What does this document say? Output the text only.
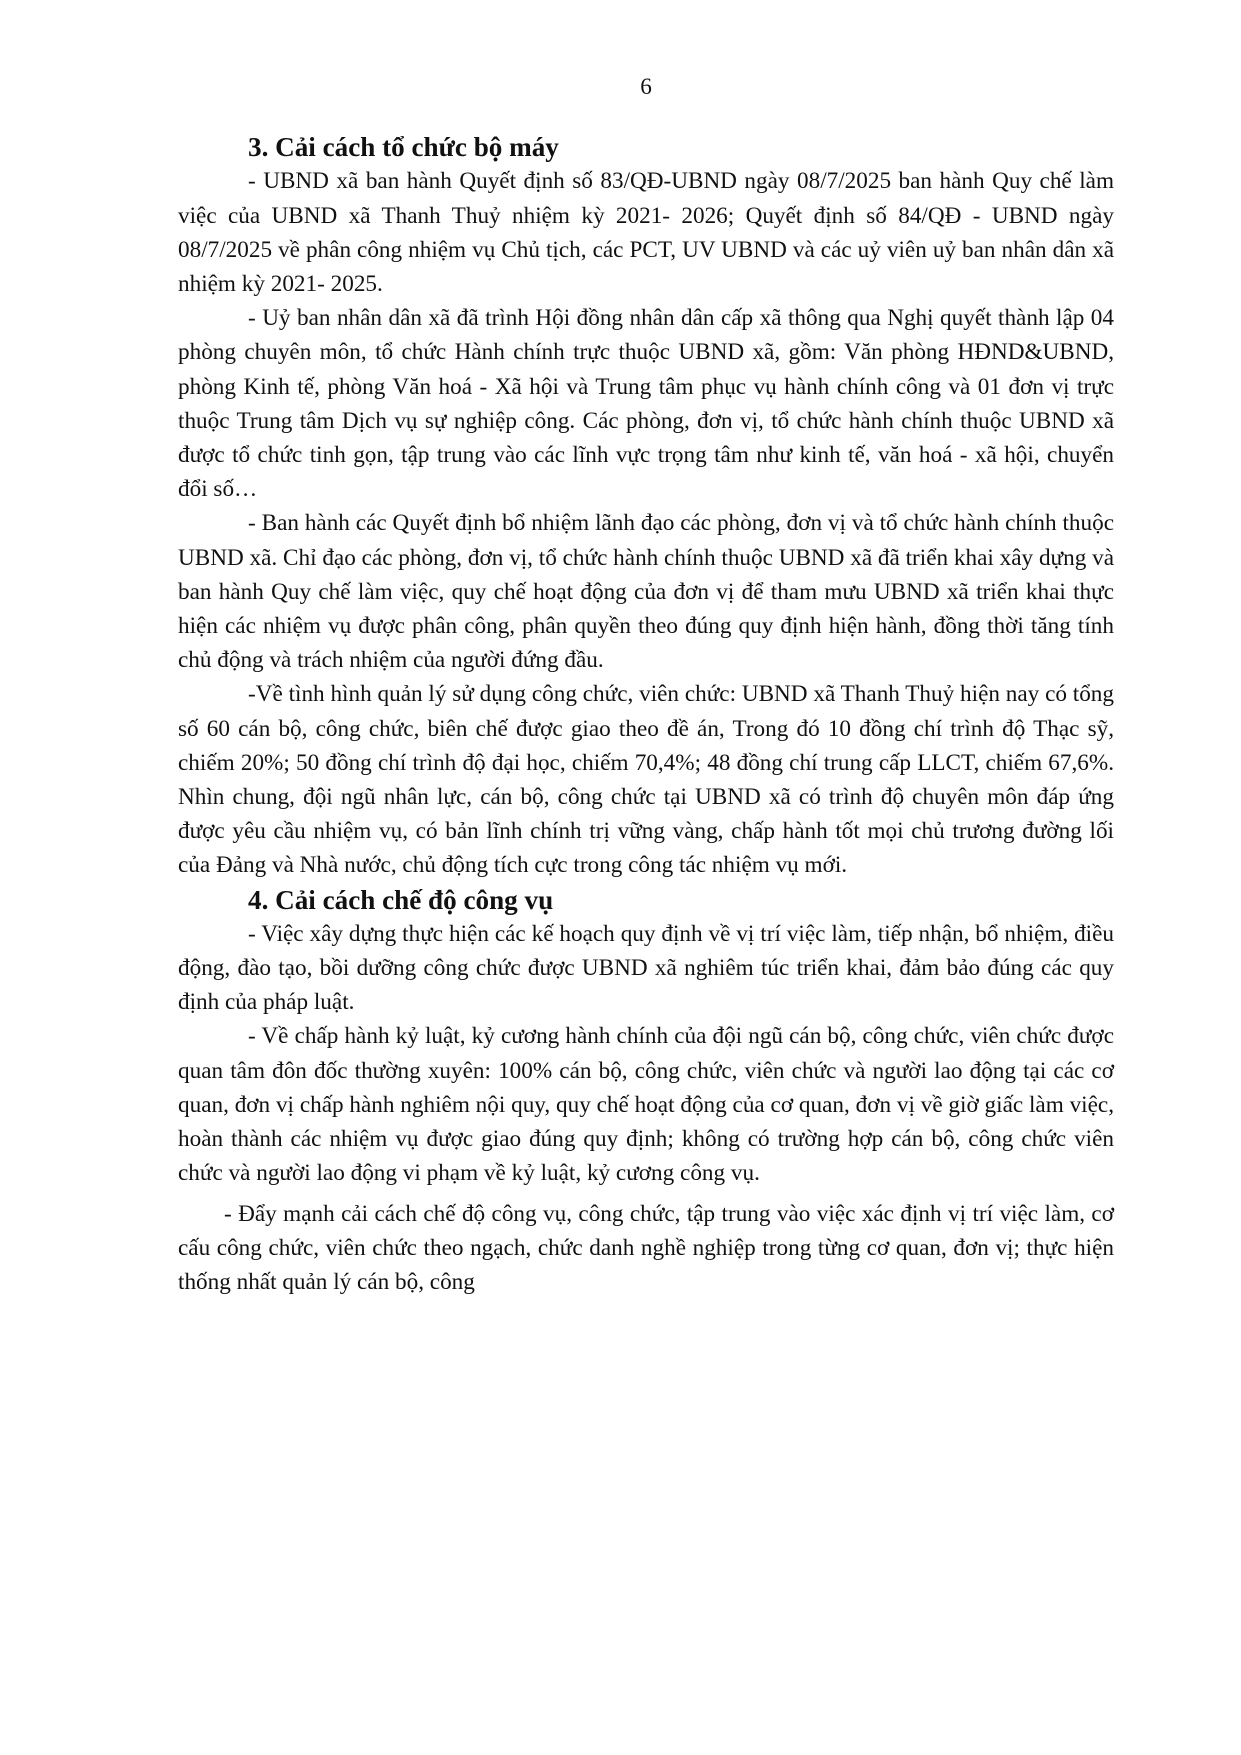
6
3. Cải cách tổ chức bộ máy

- UBND xã ban hành Quyết định số 83/QĐ-UBND ngày 08/7/2025 ban hành Quy chế làm việc của UBND xã Thanh Thuỷ nhiệm kỳ 2021- 2026; Quyết định số 84/QĐ - UBND ngày 08/7/2025 về phân công nhiệm vụ Chủ tịch, các PCT, UV UBND và các uỷ viên uỷ ban nhân dân xã nhiệm kỳ 2021- 2025.

- Uỷ ban nhân dân xã đã trình Hội đồng nhân dân cấp xã thông qua Nghị quyết thành lập 04 phòng chuyên môn, tổ chức Hành chính trực thuộc UBND xã, gồm: Văn phòng HĐND&UBND, phòng Kinh tế, phòng Văn hoá - Xã hội và Trung tâm phục vụ hành chính công và 01 đơn vị trực thuộc Trung tâm Dịch vụ sự nghiệp công. Các phòng, đơn vị, tổ chức hành chính thuộc UBND xã được tổ chức tinh gọn, tập trung vào các lĩnh vực trọng tâm như kinh tế, văn hoá - xã hội, chuyển đổi số…

- Ban hành các Quyết định bổ nhiệm lãnh đạo các phòng, đơn vị và tổ chức hành chính thuộc UBND xã. Chỉ đạo các phòng, đơn vị, tổ chức hành chính thuộc UBND xã đã triển khai xây dựng và ban hành Quy chế làm việc, quy chế hoạt động của đơn vị để tham mưu UBND xã triển khai thực hiện các nhiệm vụ được phân công, phân quyền theo đúng quy định hiện hành, đồng thời tăng tính chủ động và trách nhiệm của người đứng đầu.

-Về tình hình quản lý sử dụng công chức, viên chức: UBND xã Thanh Thuỷ hiện nay có tổng số 60 cán bộ, công chức, biên chế được giao theo đề án, Trong đó 10 đồng chí trình độ Thạc sỹ, chiếm 20%; 50 đồng chí trình độ đại học, chiếm 70,4%; 48 đồng chí trung cấp LLCT, chiếm 67,6%. Nhìn chung, đội ngũ nhân lực, cán bộ, công chức tại UBND xã có trình độ chuyên môn đáp ứng được yêu cầu nhiệm vụ, có bản lĩnh chính trị vững vàng, chấp hành tốt mọi chủ trương đường lối của Đảng và Nhà nước, chủ động tích cực trong công tác nhiệm vụ mới.

4. Cải cách chế độ công vụ

- Việc xây dựng thực hiện các kế hoạch quy định về vị trí việc làm, tiếp nhận, bổ nhiệm, điều động, đào tạo, bồi dưỡng công chức được UBND xã nghiêm túc triển khai, đảm bảo đúng các quy định của pháp luật.

- Về chấp hành kỷ luật, kỷ cương hành chính của đội ngũ cán bộ, công chức, viên chức được quan tâm đôn đốc thường xuyên: 100% cán bộ, công chức, viên chức và người lao động tại các cơ quan, đơn vị chấp hành nghiêm nội quy, quy chế hoạt động của cơ quan, đơn vị về giờ giấc làm việc, hoàn thành các nhiệm vụ được giao đúng quy định; không có trường hợp cán bộ, công chức viên chức và người lao động vi phạm về kỷ luật, kỷ cương công vụ.

- Đẩy mạnh cải cách chế độ công vụ, công chức, tập trung vào việc xác định vị trí việc làm, cơ cấu công chức, viên chức theo ngạch, chức danh nghề nghiệp trong từng cơ quan, đơn vị; thực hiện thống nhất quản lý cán bộ, công
